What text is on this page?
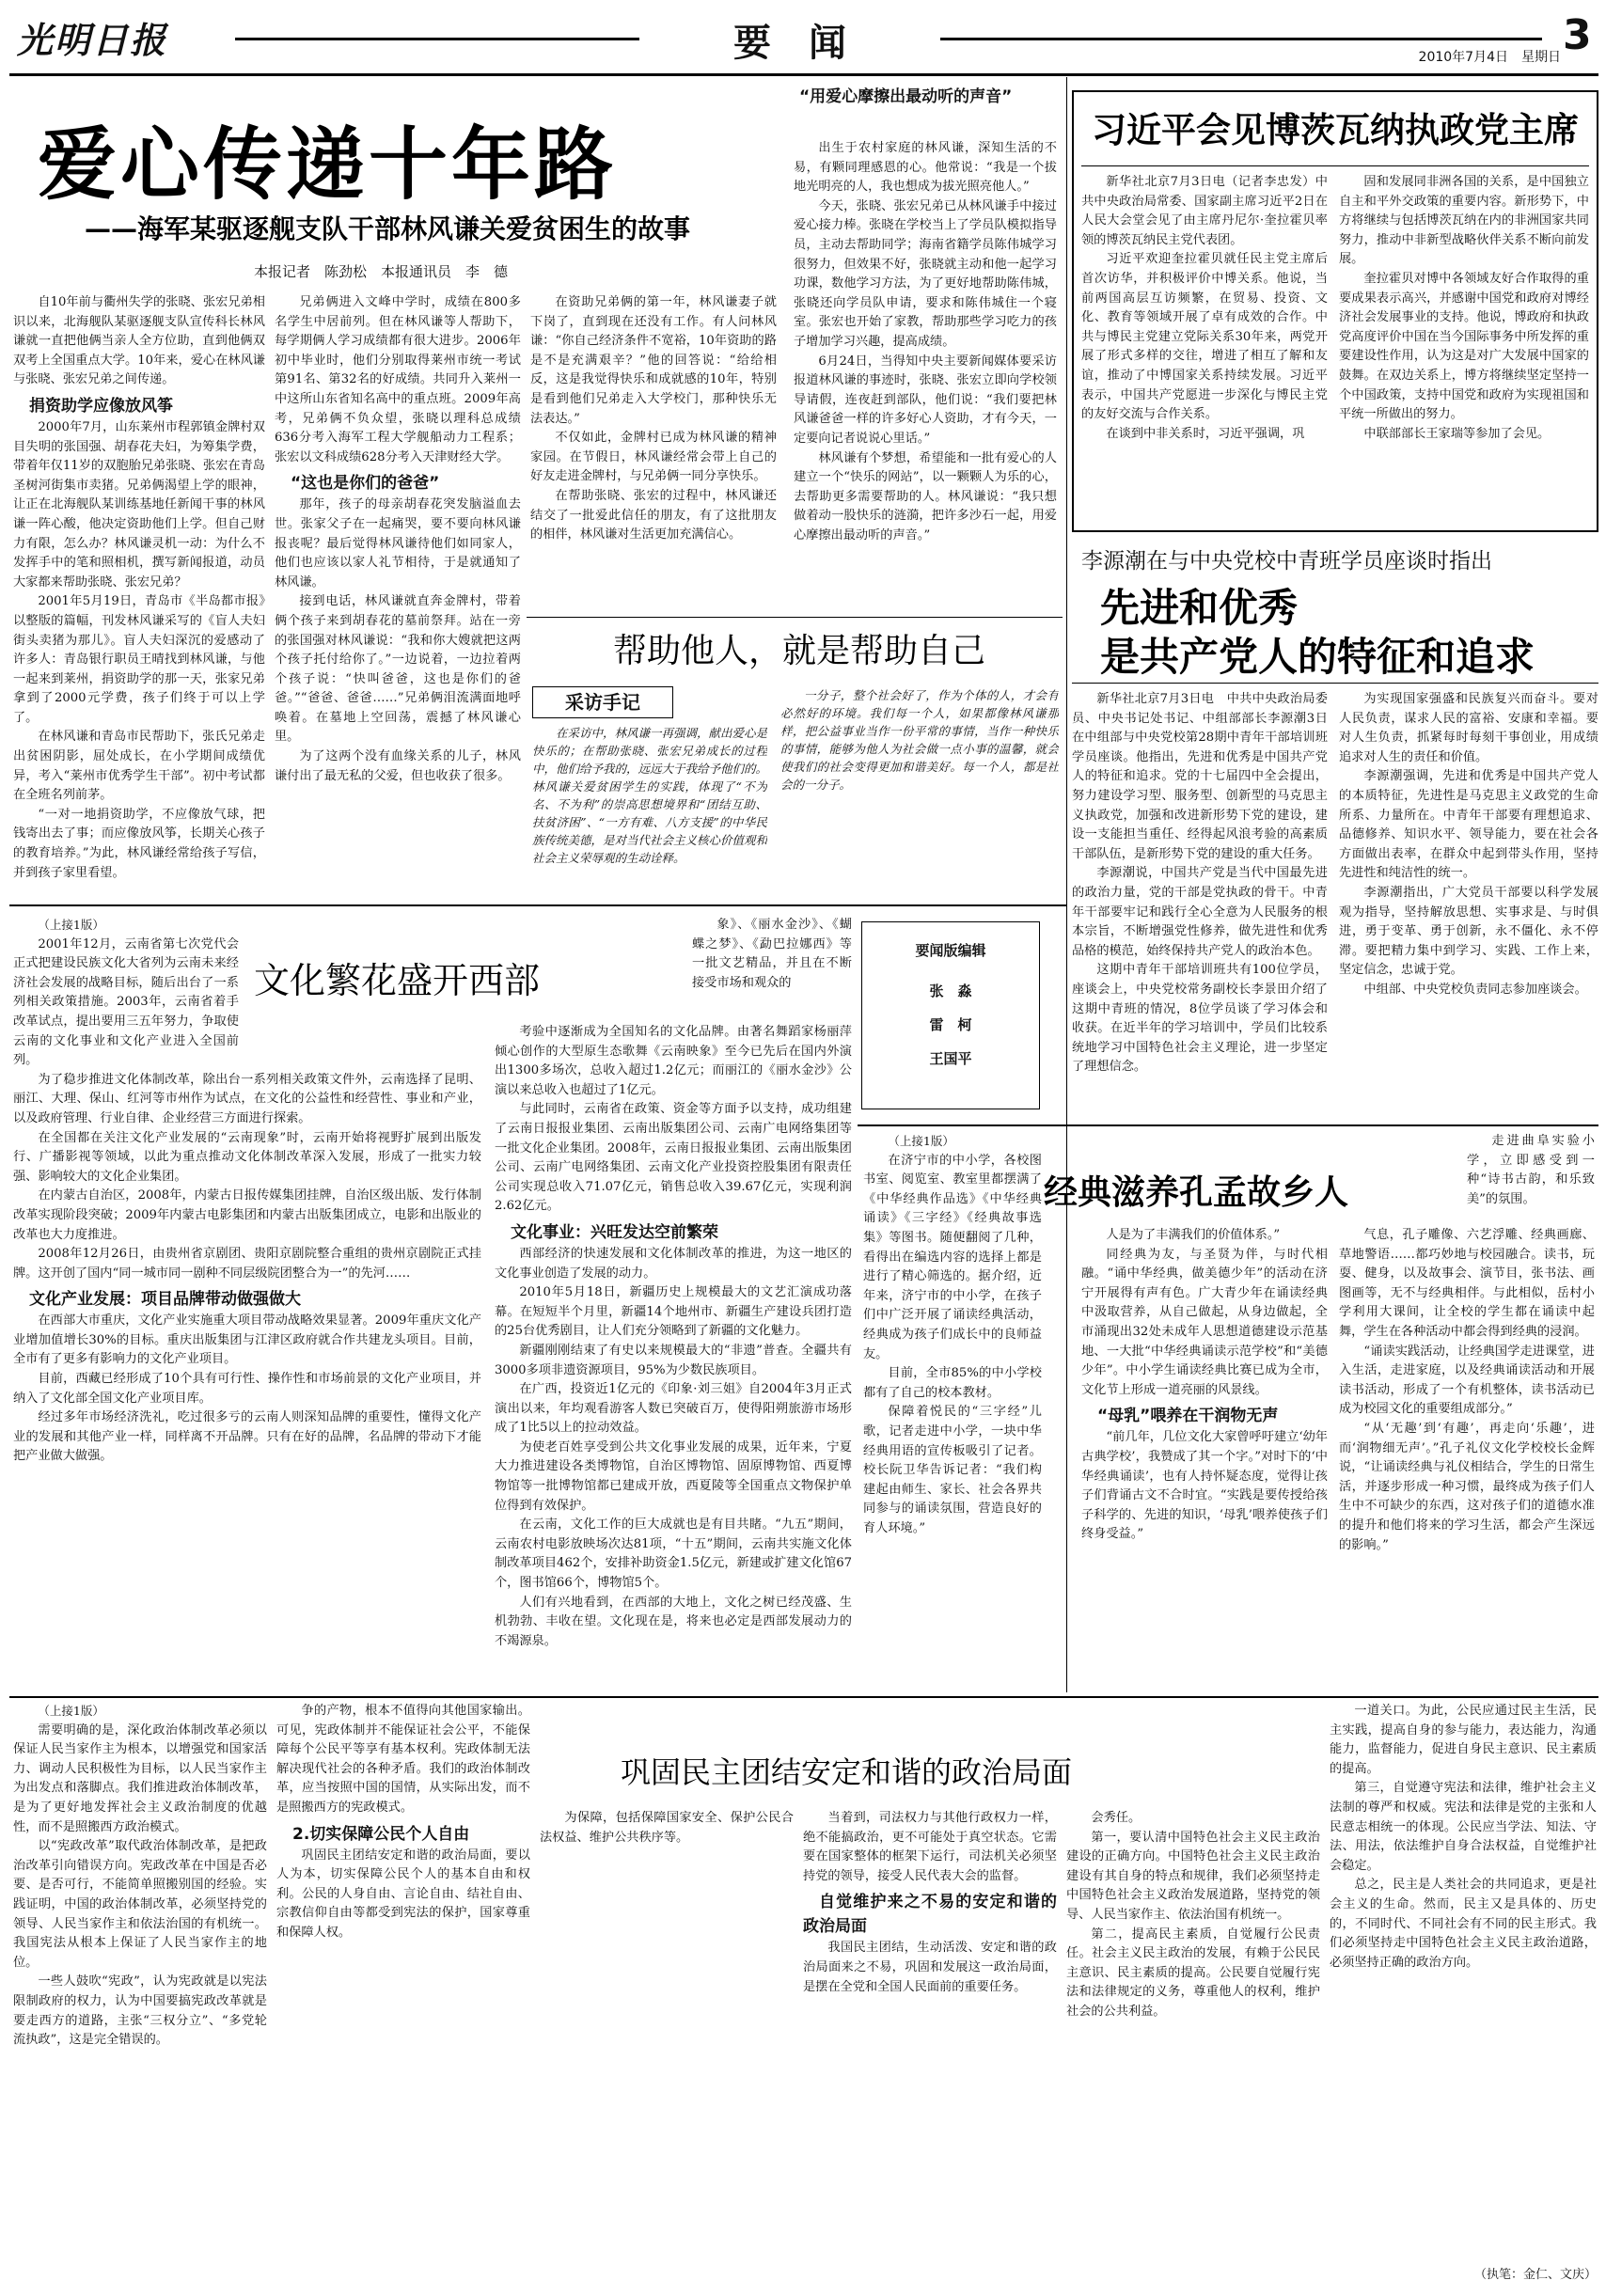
光明日报	要　闻	2010年7月4日　星期日 3
爱心传递十年路
——海军某驱逐舰支队干部林风谦关爱贫困生的故事
本报记者　陈劲松　本报通讯员　李　德
“用爱心摩擦出最动听的声音”

自10年前与衢州失学的张晓、张宏兄弟相识以来，北海舰队某驱逐舰支队宣传科长林风谦就一直把他俩当亲人全方位助，直到他俩双双考上全国重点大学。10年来，爱心在林风谦与张晓、张宏兄弟之间传递。

捐资助学应像放风筝

2000年7月，山东莱州市程郭镇金牌村双目失明的张国强、胡春花夫妇，为筹集学费，带着年仅11岁的双胞胎兄弟张晓、张宏在青岛圣树河街集市卖猪。兄弟俩渴望上学的眼神，让正在北海舰队某训练基地任新闻干事的林风谦一阵心酸，他决定资助他们上学。但自己财力有限，怎么办？林风谦灵机一动：为什么不发挥手中的笔和照相机，撰写新闻报道，动员大家都来帮助张晓、张宏兄弟？

2001年5月19日，青岛市《半岛都市报》以整版的篇幅，刊发林风谦采写的《盲人夫妇街头卖猪为那儿》。盲人夫妇深沉的爱感动了许多人：青岛银行职员王晴找到林风谦，与他一起来到莱州，捐资助学的那一天，张家兄弟拿到了2000元学费，孩子们终于可以上学了。

在林风谦和青岛市民帮助下，张氏兄弟走出贫困阴影，屈处成长，在小学期间成绩优异，考入“莱州市优秀学生干部”。初中考试都在全班名列前茅。

“一对一地捐资助学，不应像放气球，把钱寄出去了事；而应像放风筝，长期关心孩子的教育培养。”为此，林风谦经常给孩子写信，并到孩子家里看望。

兄弟俩进入文峰中学时，成绩在800多名学生中居前列。但在林风谦等人帮助下，每学期俩人学习成绩都有很大进步。2006年初中毕业时，他们分别取得莱州市统一考试第91名、第32名的好成绩。共同升入莱州一中这所山东省知名高中的重点班。2009年高考，兄弟俩不负众望，张晓以理科总成绩636分考入海军工程大学舰船动力工程系；张宏以文科成绩628分考入天津财经大学。

“这也是你们的爸爸”

那年，孩子的母亲胡春花突发脑溢血去世。张家父子在一起痛哭，要不要向林风谦报丧呢？最后觉得林风谦待他们如同家人，他们也应该以家人礼节相待，于是就通知了林风谦。

接到电话，林风谦就直奔金牌村，带着俩个孩子来到胡春花的墓前祭拜。站在一旁的张国强对林风谦说：“我和你大嫂就把这两个孩子托付给你了。”一边说着，一边拉着两个孩子说：“快叫爸爸，这也是你们的爸爸。”“爸爸、爸爸……”兄弟俩泪流满面地呼唤着。在墓地上空回荡，震撼了林风谦心里。

为了这两个没有血缘关系的儿子，林风谦付出了最无私的父爱，但也收获了很多。

在资助兄弟俩的第一年，林风谦妻子就下岗了，直到现在还没有工作。有人问林风谦：“你自己经济条件不宽裕，10年资助的路是不是充满艰辛？”他的回答说：“给给相反，这是我觉得快乐和成就感的10年，特别是看到他们兄弟走入大学校门，那种快乐无法表达。”

不仅如此，金牌村已成为林风谦的精神家园。在节假日，林风谦经常会带上自己的好友走进金牌村，与兄弟俩一同分享快乐。

在帮助张晓、张宏的过程中，林风谦还结交了一批爱此信任的朋友，有了这批朋友的相伴，林风谦对生活更加充满信心。

出生于农村家庭的林风谦，深知生活的不易，有颗同理感恩的心。他常说：“我是一个拔地光明亮的人，我也想成为拔光照亮他人。”

今天，张晓、张宏兄弟已从林风谦手中接过爱心接力棒。张晓在学校当上了学员队模拟指导员，主动去帮助同学；海南省籍学员陈伟城学习很努力，但效果不好，张晓就主动和他一起学习功课，数他学习方法，为了更好地帮助陈伟城，张晓还向学员队申请，要求和陈伟城住一个寝室。张宏也开始了家教，帮助那些学习吃力的孩子增加学习兴趣，提高成绩。

6月24日，当得知中央主要新闻媒体要采访报道林风谦的事迹时，张晓、张宏立即向学校领导请假，连夜赶到部队，他们说：“我们要把林风谦爸爸一样的许多好心人资助，才有今天，一定要向记者说说心里话。”

林风谦有个梦想，希望能和一批有爱心的人建立一个“快乐的网站”，以一颗颗人为乐的心，去帮助更多需要帮助的人。林风谦说：“我只想做着动一股快乐的涟漪，把许多沙石一起，用爱心摩擦出最动听的声音。”

帮助他人，就是帮助自己
采访手记

在采访中，林风谦一再强调，献出爱心是快乐的；在帮助张晓、张宏兄弟成长的过程中，他们给予我的，远远大于我给予他们的。林风谦关爱贫困学生的实践，体现了“不为名、不为利”的崇高思想境界和“团结互助、扶贫济困”、“一方有难、八方支援”的中华民族传统美德，是对当代社会主义核心价值观和社会主义荣辱观的生动诠释。

一分子，整个社会好了，作为个体的人，才会有必然好的环境。我们每一个人，如果都像林风谦那样，把公益事业当作一份平常的事情，当作一种快乐的事情，能够为他人为社会做一点小事的温馨，就会使我们的社会变得更加和谐美好。每一个人，都是社会的一分子。

习近平会见博茨瓦纳执政党主席

新华社北京7月3日电（记者李忠发）中共中央政治局常委、国家副主席习近平2日在人民大会堂会见了由主席丹尼尔·奎拉霍贝率领的博茨瓦纳民主党代表团。

习近平欢迎奎拉霍贝就任民主党主席后首次访华，并积极评价中博关系。他说，当前两国高层互访频繁，在贸易、投资、文化、教育等领域开展了卓有成效的合作。中共与博民主党建立党际关系30年来，两党开展了形式多样的交往，增进了相互了解和友谊，推动了中博国家关系持续发展。习近平表示，中国共产党愿进一步深化与博民主党的友好交流与合作关系。

在谈到中非关系时，习近平强调，巩

固和发展同非洲各国的关系，是中国独立自主和平外交政策的重要内容。新形势下，中方将继续与包括博茨瓦纳在内的非洲国家共同努力，推动中非新型战略伙伴关系不断向前发展。

奎拉霍贝对博中各领域友好合作取得的重要成果表示高兴，并感谢中国党和政府对博经济社会发展事业的支持。他说，博政府和执政党高度评价中国在当今国际事务中所发挥的重要建设性作用，认为这是对广大发展中国家的鼓舞。在双边关系上，博方将继续坚定坚持一个中国政策，支持中国党和政府为实现祖国和平统一所做出的努力。

中联部部长王家瑞等参加了会见。

李源潮在与中央党校中青班学员座谈时指出
先进和优秀
是共产党人的特征和追求

新华社北京7月3日电　中共中央政治局委员、中央书记处书记、中组部部长李源潮3日在中组部与中央党校第28期中青年干部培训班学员座谈。他指出，先进和优秀是中国共产党人的特征和追求。党的十七届四中全会提出，努力建设学习型、服务型、创新型的马克思主义执政党，加强和改进新形势下党的建设，建设一支能担当重任、经得起风浪考验的高素质干部队伍，是新形势下党的建设的重大任务。

李源潮说，中国共产党是当代中国最先进的政治力量，党的干部是党执政的骨干。中青年干部要牢记和践行全心全意为人民服务的根本宗旨，不断增强党性修养，做先进性和优秀品格的模范，始终保持共产党人的政治本色。

这期中青年干部培训班共有100位学员，座谈会上，中央党校常务副校长李景田介绍了这期中青班的情况，8位学员谈了学习体会和收获。在近半年的学习培训中，学员们比较系统地学习中国特色社会主义理论，进一步坚定了理想信念。

为实现国家强盛和民族复兴而奋斗。要对人民负责，谋求人民的富裕、安康和幸福。要对人生负责，抓紧每时每刻干事创业，用成绩追求对人生的责任和价值。

李源潮强调，先进和优秀是中国共产党人的本质特征，先进性是马克思主义政党的生命所系、力量所在。中青年干部要有理想追求、品德修养、知识水平、领导能力，要在社会各方面做出表率，在群众中起到带头作用，坚持先进性和纯洁性的统一。

李源潮指出，广大党员干部要以科学发展观为指导，坚持解放思想、实事求是、与时俱进，勇于变革、勇于创新，永不僵化、永不停滞。要把精力集中到学习、实践、工作上来，坚定信念，忠诚于党。

中组部、中央党校负责同志参加座谈会。

文化繁花盛开西部

（上接1版）

2001年12月，云南省第七次党代会正式把建设民族文化大省列为云南未来经济社会发展的战略目标，随后出台了一系列相关政策措施。2003年，云南省着手改革试点，提出要用三五年努力，争取使云南的文化事业和文化产业进入全国前列。

为了稳步推进文化体制改革，除出台一系列相关政策文件外，云南选择了昆明、丽江、大理、保山、红河等市州作为试点，在文化的公益性和经营性、事业和产业，以及政府管理、行业自律、企业经营三方面进行探索。

在全国都在关注文化产业发展的“云南现象”时，云南开始将视野扩展到出版发行、广播影视等领域，以此为重点推动文化体制改革深入发展，形成了一批实力较强、影响较大的文化企业集团。

在内蒙古自治区，2008年，内蒙古日报传媒集团挂牌，自治区级出版、发行体制改革实现阶段突破；2009年内蒙古电影集团和内蒙古出版集团成立，电影和出版业的改革也大力度推进。

2008年12月26日，由贵州省京剧团、贵阳京剧院整合重组的贵州京剧院正式挂牌。这开创了国内“同一城市同一剧种不同层级院团整合为一”的先河……

文化产业发展：项目品牌带动做强做大

在西部大市重庆，文化产业实施重大项目带动战略效果显著。2009年重庆文化产业增加值增长30%的目标。重庆出版集团与江津区政府就合作共建龙头项目。目前，全市有了更多有影响力的文化产业项目。

目前，西藏已经形成了10个具有可行性、操作性和市场前景的文化产业项目，并纳入了文化部全国文化产业项目库。

经过多年市场经济洗礼，吃过很多亏的云南人则深知品牌的重要性，懂得文化产业的发展和其他产业一样，同样离不开品牌。只有在好的品牌，名品牌的带动下才能把产业做大做强。

考验中逐渐成为全国知名的文化品牌。由著名舞蹈家杨丽萍倾心创作的大型原生态歌舞《云南映象》至今已先后在国内外演出1300多场次，总收入超过1.2亿元；而丽江的《丽水金沙》公演以来总收入也超过了1亿元。

与此同时，云南省在政策、资金等方面予以支持，成功组建了云南日报报业集团、云南出版集团公司、云南广电网络集团等一批文化企业集团。2008年，云南日报报业集团、云南出版集团公司、云南广电网络集团、云南文化产业投资控股集团有限责任公司实现总收入71.07亿元，销售总收入39.67亿元，实现利润2.62亿元。

文化事业：兴旺发达空前繁荣

西部经济的快速发展和文化体制改革的推进，为这一地区的文化事业创造了发展的动力。

2010年5月18日，新疆历史上规模最大的文艺汇演成功落幕。在短短半个月里，新疆14个地州市、新疆生产建设兵团打造的25台优秀剧目，让人们充分领略到了新疆的文化魅力。

新疆刚刚结束了有史以来规模最大的“非遗”普查。全疆共有3000多项非遗资源项目，95%为少数民族项目。

在广西，投资近1亿元的《印象·刘三姐》自2004年3月正式演出以来，年均观看游客人数已突破百万，使得阳朔旅游市场形成了1比5以上的拉动效益。

为使老百姓享受到公共文化事业发展的成果，近年来，宁夏大力推进建设各类博物馆，自治区博物馆、固原博物馆、西夏博物馆等一批博物馆都已建成开放，西夏陵等全国重点文物保护单位得到有效保护。

在云南，文化工作的巨大成就也是有目共睹。“九五”期间，云南农村电影放映场次达81项，“十五”期间，云南共实施文化体制改革项目462个，安排补助资金1.5亿元，新建或扩建文化馆67个，图书馆66个，博物馆5个。

人们有兴地看到，在西部的大地上，文化之树已经茂盛、生机勃勃、丰收在望。文化现在是，将来也必定是西部发展动力的不竭源泉。

象》、《丽水金沙》、《蝴蝶之梦》、《勐巴拉娜西》等一批文艺精品，并且在不断接受市场和观众的

要闻版编辑
张　淼
雷　柯
王国平
经典滋养孔孟故乡人

（上接1版）

在济宁市的中小学，各校图书室、阅览室、教室里都摆满了《中华经典作品选》《中华经典诵读》《三字经》《经典故事选集》等图书。随便翻阅了几种，看得出在编选内容的选择上都是进行了精心筛选的。据介绍，近年来，济宁市的中小学，在孩子们中广泛开展了诵读经典活动，经典成为孩子们成长中的良师益友。

目前，全市85%的中小学校都有了自己的校本教材。

保障着悦民的“三字经”儿歌，记者走进中小学，一块中华经典用语的宣传板吸引了记者。校长阮卫华告诉记者：“我们构建起由师生、家长、社会各界共同参与的诵读氛围，营造良好的育人环境。”

人是为了丰满我们的价值体系。”

同经典为友，与圣贤为伴，与时代相融。“诵中华经典，做美德少年”的活动在济宁开展得有声有色。广大青少年在诵读经典中汲取营养，从自己做起，从身边做起，全市涌现出32处未成年人思想道德建设示范基地、一大批“中华经典诵读示范学校”和“美德少年”。中小学生诵读经典比赛已成为全市，文化节上形成一道亮丽的风景线。

“母乳”喂养在干润物无声

“前几年，几位文化大家曾呼吁建立‘幼年古典学校’，我赞成了其一个字。”对时下的‘中华经典诵读’，也有人持怀疑态度，觉得让孩子们背诵古文不合时宜。“实践是要传授给孩子科学的、先进的知识，‘母乳’喂养使孩子们终身受益。”

走进曲阜实验小学，立即感受到一种“诗书古韵，和乐致美”的氛围。

气息，孔子雕像、六艺浮雕、经典画廊、草地警语……都巧妙地与校园融合。读书，玩耍、健身，以及故事会、演节目，张书法、画图画等，无不与经典相伴。与此相似，岳村小学利用大课间，让全校的学生都在诵读中起舞，学生在各种活动中都会得到经典的浸润。

“诵读实践活动，让经典国学走进课堂，进入生活，走进家庭，以及经典诵读活动和开展读书活动，形成了一个有机整体，读书活动已成为校园文化的重要组成部分。”

“从‘无趣’到‘有趣’，再走向‘乐趣’，进而‘润物细无声’。”孔子礼仪文化学校校长金辉说，“让诵读经典与礼仪相结合，学生的日常生活，并逐步形成一种习惯，最终成为孩子们人生中不可缺少的东西，这对孩子们的道德水准的提升和他们将来的学习生活，都会产生深远的影响。”

巩固民主团结安定和谐的政治局面

（上接1版）

需要明确的是，深化政治体制改革必须以保证人民当家作主为根本，以增强党和国家活力、调动人民积极性为目标，以人民当家作主为出发点和落脚点。我们推进政治体制改革，是为了更好地发挥社会主义政治制度的优越性，而不是照搬西方政治模式。

以“宪政改革”取代政治体制改革，是把政治改革引向错误方向。宪政改革在中国是否必要、是否可行，不能简单照搬别国的经验。实践证明，中国的政治体制改革，必须坚持党的领导、人民当家作主和依法治国的有机统一。我国宪法从根本上保证了人民当家作主的地位。

一些人鼓吹“宪政”，认为宪政就是以宪法限制政府的权力，认为中国要搞宪政改革就是要走西方的道路，主张“三权分立”、“多党轮流执政”，这是完全错误的。

争的产物，根本不值得向其他国家输出。可见，宪政体制并不能保证社会公平，不能保障每个公民平等享有基本权利。宪政体制无法解决现代社会的各种矛盾。我们的政治体制改革，应当按照中国的国情，从实际出发，而不是照搬西方的宪政模式。

2.切实保障公民个人自由

巩固民主团结安定和谐的政治局面，要以人为本，切实保障公民个人的基本自由和权利。公民的人身自由、言论自由、结社自由、宗教信仰自由等都受到宪法的保护，国家尊重和保障人权。

为保障，包括保障国家安全、保护公民合法权益、维护公共秩序等。

当着到，司法权力与其他行政权力一样，绝不能搞政治，更不可能处于真空状态。它需要在国家整体的框架下运行，司法机关必须坚持党的领导，接受人民代表大会的监督。

自觉维护来之不易的安定和谐的政治局面

我国民主团结，生动活泼、安定和谐的政治局面来之不易，巩固和发展这一政治局面，是摆在全党和全国人民面前的重要任务。

会秀任。

第一，要认清中国特色社会主义民主政治建设的正确方向。中国特色社会主义民主政治建设有其自身的特点和规律，我们必须坚持走中国特色社会主义政治发展道路，坚持党的领导、人民当家作主、依法治国有机统一。

第二，提高民主素质，自觉履行公民责任。社会主义民主政治的发展，有赖于公民民主意识、民主素质的提高。公民要自觉履行宪法和法律规定的义务，尊重他人的权利，维护社会的公共利益。

一道关口。为此，公民应通过民主生活，民主实践，提高自身的参与能力，表达能力，沟通能力，监督能力，促进自身民主意识、民主素质的提高。

第三，自觉遵守宪法和法律，维护社会主义法制的尊严和权威。宪法和法律是党的主张和人民意志相统一的体现。公民应当学法、知法、守法、用法，依法维护自身合法权益，自觉维护社会稳定。

总之，民主是人类社会的共同追求，更是社会主义的生命。然而，民主又是具体的、历史的，不同时代、不同社会有不同的民主形式。我们必须坚持走中国特色社会主义民主政治道路，必须坚持正确的政治方向。

（执笔：金仁、文庆）
